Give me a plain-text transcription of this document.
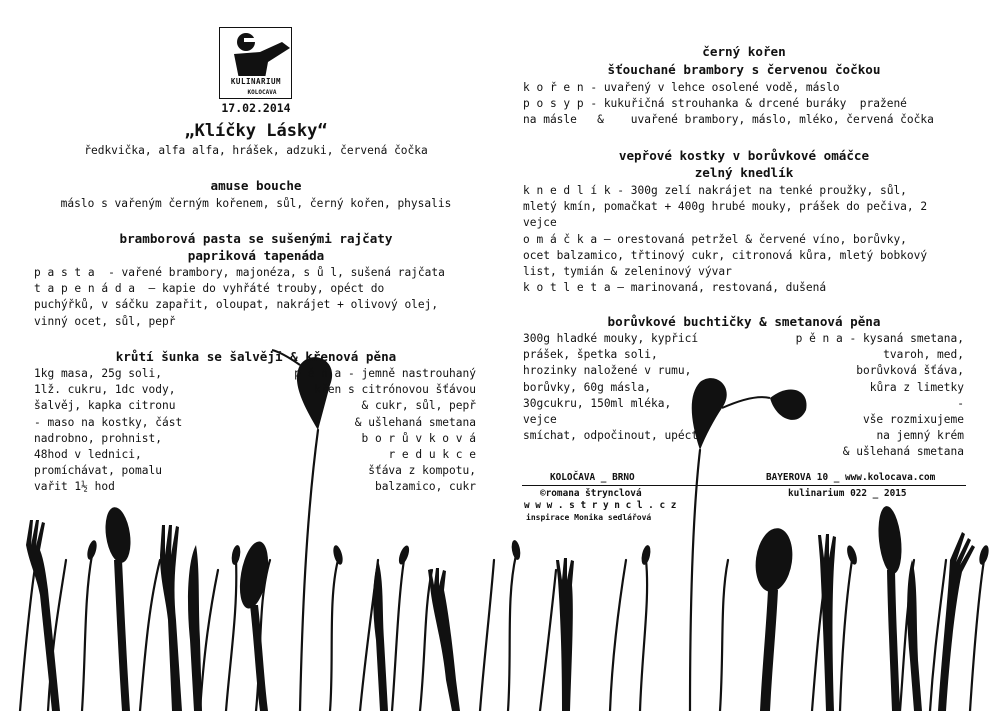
KULINARIUM
KOLOCAVA
17.02.2014
„Klíčky Lásky“
ředkvička, alfa alfa, hrášek, adzuki, červená čočka
amuse bouche
máslo s vařeným černým kořenem, sůl, černý kořen, physalis
bramborová pasta se sušenými rajčaty
papriková tapenáda
p a s t a  - vařené brambory, majonéza, s ů l, sušená rajčata
t a p e n á d a  – kapie do vyhřáté trouby, opéct do
puchýřků, v sáčku zapařit, oloupat, nakrájet + olivový olej,
vinný ocet, sůl, pepř
krůtí šunka se šalvějí & křenová pěna
1kg masa, 25g soli,
1lž. cukru, 1dc vody,
šalvěj, kapka citronu
- maso na kostky, část
nadrobno, prohnist,
48hod v lednici,
promíchávat, pomalu
vařit 1½ hod
p ě n a - jemně nastrouhaný
křen s citrónovou šťávou
& cukr, sůl, pepř
& ušlehaná smetana
b o r ů v k o v á
r e d u k c e
šťáva z kompotu,
balzamico, cukr
černý kořen
šťouchané brambory s červenou čočkou
k o ř e n - uvařený v lehce osolené vodě, máslo
p o s y p - kukuřičná strouhanka & drcené buráky  pražené
na másle   &    uvařené brambory, máslo, mléko, červená čočka
vepřové kostky v borůvkové omáčce
zelný knedlík
k n e d l í k - 300g zelí nakrájet na tenké proužky, sůl,
mletý kmín, pomačkat + 400g hrubé mouky, prášek do pečiva, 2
vejce
o m á č k a – orestovaná petržel & červené víno, borůvky,
ocet balzamico, třtinový cukr, citronová kůra, mletý bobkový
list, tymián & zeleninový vývar
k o t l e t a – marinovaná, restovaná, dušená
borůvkové buchtičky & smetanová pěna
300g hladké mouky, kypřicí
prášek, špetka soli,
hrozinky naložené v rumu,
borůvky, 60g másla,
30gcukru, 150ml mléka,
vejce
smíchat, odpočinout, upéct
p ě n a - kysaná smetana,
tvaroh, med,
borůvková šťáva,
kůra z limetky
-
vše rozmixujeme
na jemný krém
& ušlehaná smetana
KOLOČAVA _ BRNO	BAYEROVA 10 _ www.kolocava.com
©romana štrynclová	kulinarium 022 _ 2015
w w w . s t r y n c l . c z
inspirace Monika sedlářová
